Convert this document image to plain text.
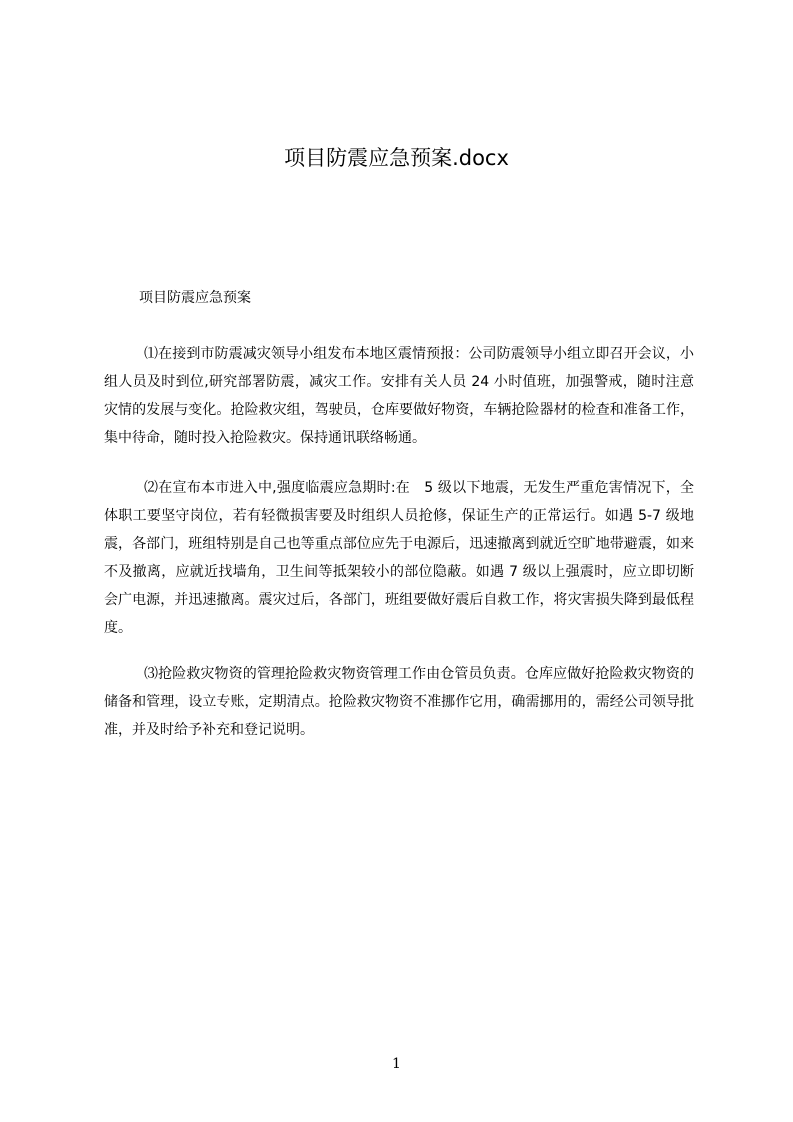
项目防震应急预案.docx

项目防震应急预案

⑴在接到市防震减灾领导小组发布本地区震情预报：公司防震领导小组立即召开会议，小组人员及时到位,研究部署防震，减灾工作。安排有关人员 24 小时值班，加强警戒，随时注意灾情的发展与变化。抢险救灾组，驾驶员，仓库要做好物资，车辆抢险器材的检查和准备工作，集中待命，随时投入抢险救灾。保持通讯联络畅通。

⑵在宣布本市进入中,强度临震应急期时:在　5 级以下地震，无发生严重危害情况下，全体职工要坚守岗位，若有轻微损害要及时组织人员抢修，保证生产的正常运行。如遇 5-7 级地震，各部门，班组特别是自己也等重点部位应先于电源后，迅速撤离到就近空旷地带避震，如来不及撤离，应就近找墙角，卫生间等抵架较小的部位隐蔽。如遇 7 级以上强震时，应立即切断会广电源，并迅速撤离。震灾过后，各部门，班组要做好震后自救工作，将灾害损失降到最低程度。

⑶抢险救灾物资的管理抢险救灾物资管理工作由仓管员负责。仓库应做好抢险救灾物资的储备和管理，设立专账，定期清点。抢险救灾物资不准挪作它用，确需挪用的，需经公司领导批准，并及时给予补充和登记说明。

1
